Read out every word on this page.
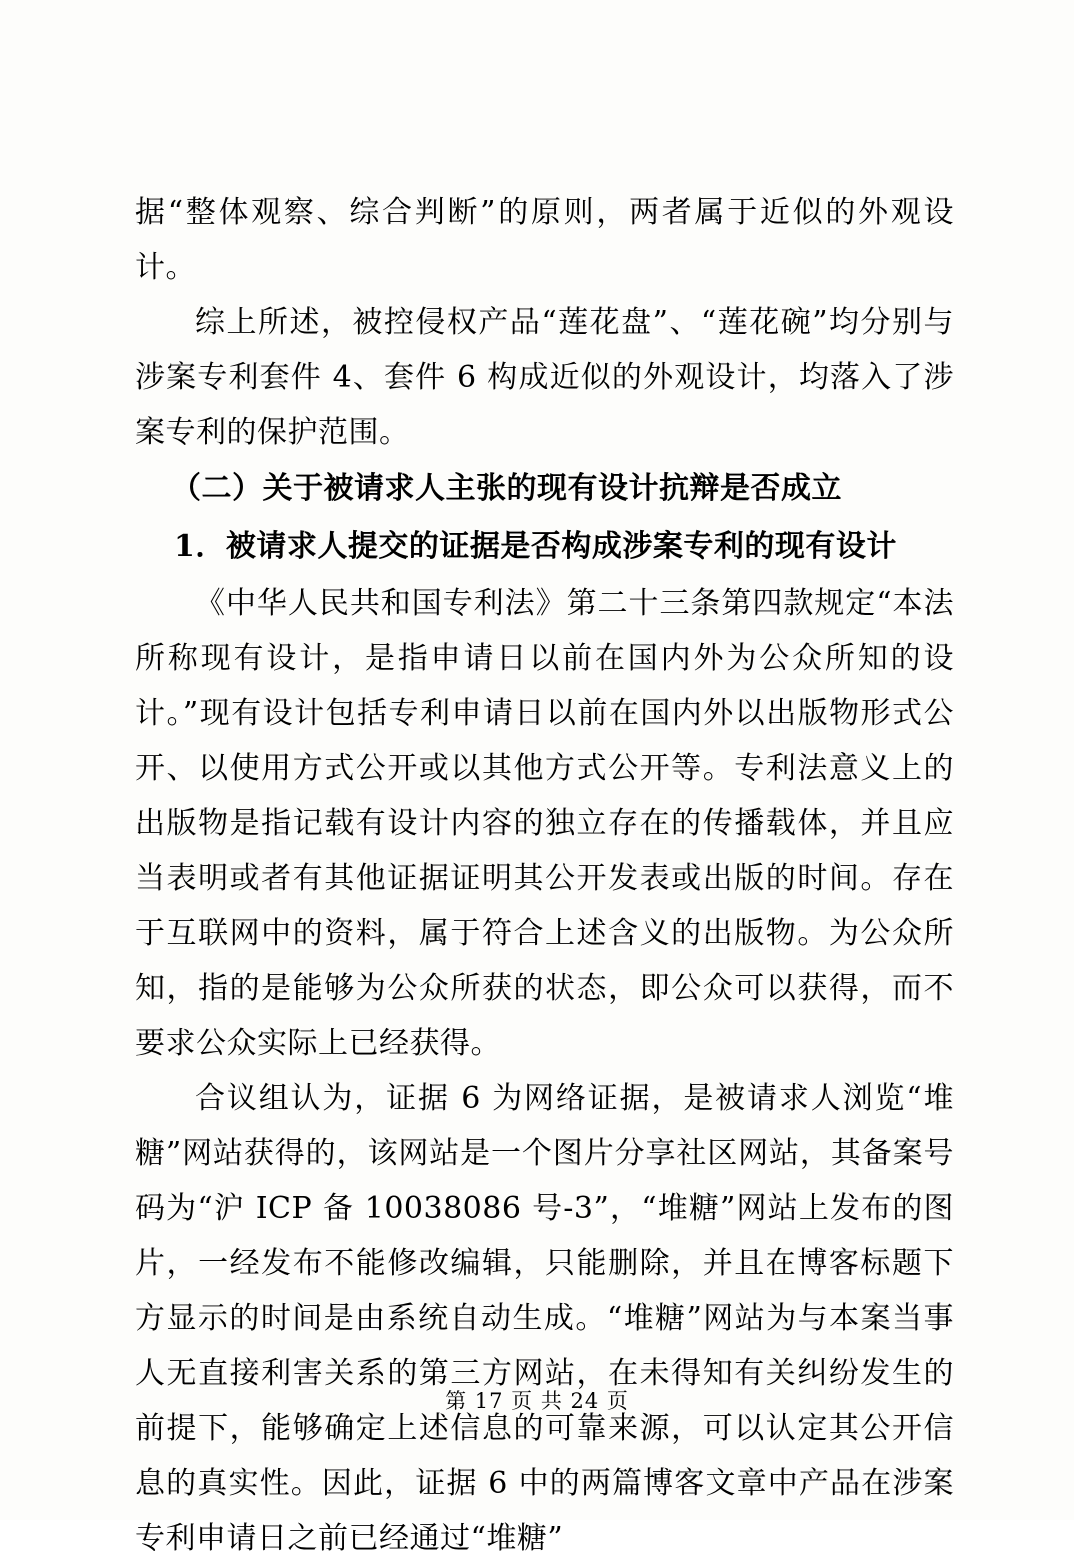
据“整体观察、综合判断”的原则，两者属于近似的外观设计。

综上所述，被控侵权产品“莲花盘”、“莲花碗”均分别与涉案专利套件 4、套件 6 构成近似的外观设计，均落入了涉案专利的保护范围。

（二）关于被请求人主张的现有设计抗辩是否成立
1．被请求人提交的证据是否构成涉案专利的现有设计

《中华人民共和国专利法》第二十三条第四款规定“本法所称现有设计，是指申请日以前在国内外为公众所知的设计。”现有设计包括专利申请日以前在国内外以出版物形式公开、以使用方式公开或以其他方式公开等。专利法意义上的出版物是指记载有设计内容的独立存在的传播载体，并且应当表明或者有其他证据证明其公开发表或出版的时间。存在于互联网中的资料，属于符合上述含义的出版物。为公众所知，指的是能够为公众所获的状态，即公众可以获得，而不要求公众实际上已经获得。

合议组认为，证据 6 为网络证据，是被请求人浏览“堆糖”网站获得的，该网站是一个图片分享社区网站，其备案号码为“沪 ICP 备 10038086 号-3”，“堆糖”网站上发布的图片，一经发布不能修改编辑，只能删除，并且在博客标题下方显示的时间是由系统自动生成。“堆糖”网站为与本案当事人无直接利害关系的第三方网站，在未得知有关纠纷发生的前提下，能够确定上述信息的可靠来源，可以认定其公开信息的真实性。因此，证据 6 中的两篇博客文章中产品在涉案专利申请日之前已经通过“堆糖”

第 17 页 共 24 页
